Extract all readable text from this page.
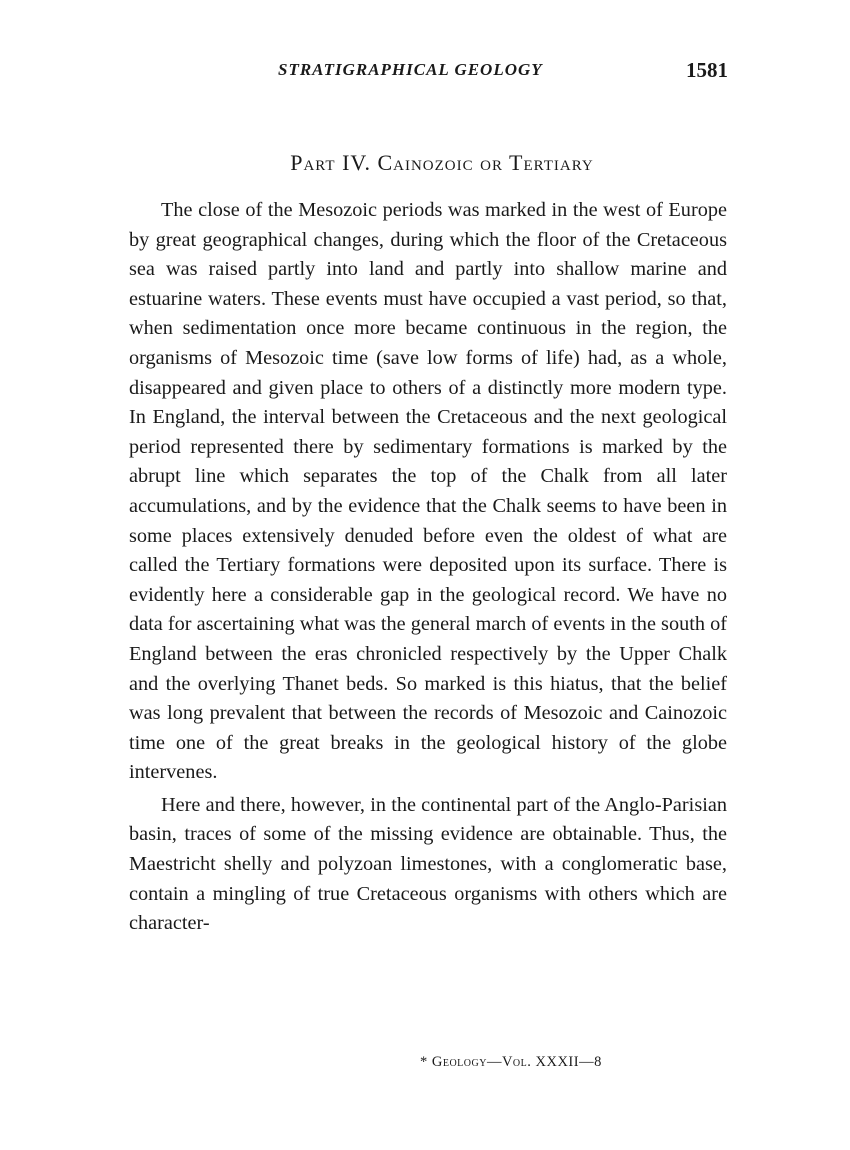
STRATIGRAPHICAL GEOLOGY	1581
Part IV. Cainozoic or Tertiary

The close of the Mesozoic periods was marked in the west of Europe by great geographical changes, during which the floor of the Cretaceous sea was raised partly into land and partly into shallow marine and estuarine waters. These events must have occupied a vast period, so that, when sedimentation once more became continuous in the region, the organisms of Mesozoic time (save low forms of life) had, as a whole, disappeared and given place to others of a distinctly more modern type. In England, the interval between the Cretaceous and the next geological period represented there by sedimentary formations is marked by the abrupt line which separates the top of the Chalk from all later accumulations, and by the evidence that the Chalk seems to have been in some places extensively denuded before even the oldest of what are called the Tertiary formations were deposited upon its surface. There is evidently here a considerable gap in the geological record. We have no data for ascertaining what was the general march of events in the south of England between the eras chronicled respectively by the Upper Chalk and the overlying Thanet beds. So marked is this hiatus, that the belief was long prevalent that between the records of Mesozoic and Cainozoic time one of the great breaks in the geological history of the globe intervenes.

Here and there, however, in the continental part of the Anglo-Parisian basin, traces of some of the missing evidence are obtainable. Thus, the Maestricht shelly and polyzoan limestones, with a conglomeratic base, contain a mingling of true Cretaceous organisms with others which are character-

* Geology—Vol. XXXII—8
